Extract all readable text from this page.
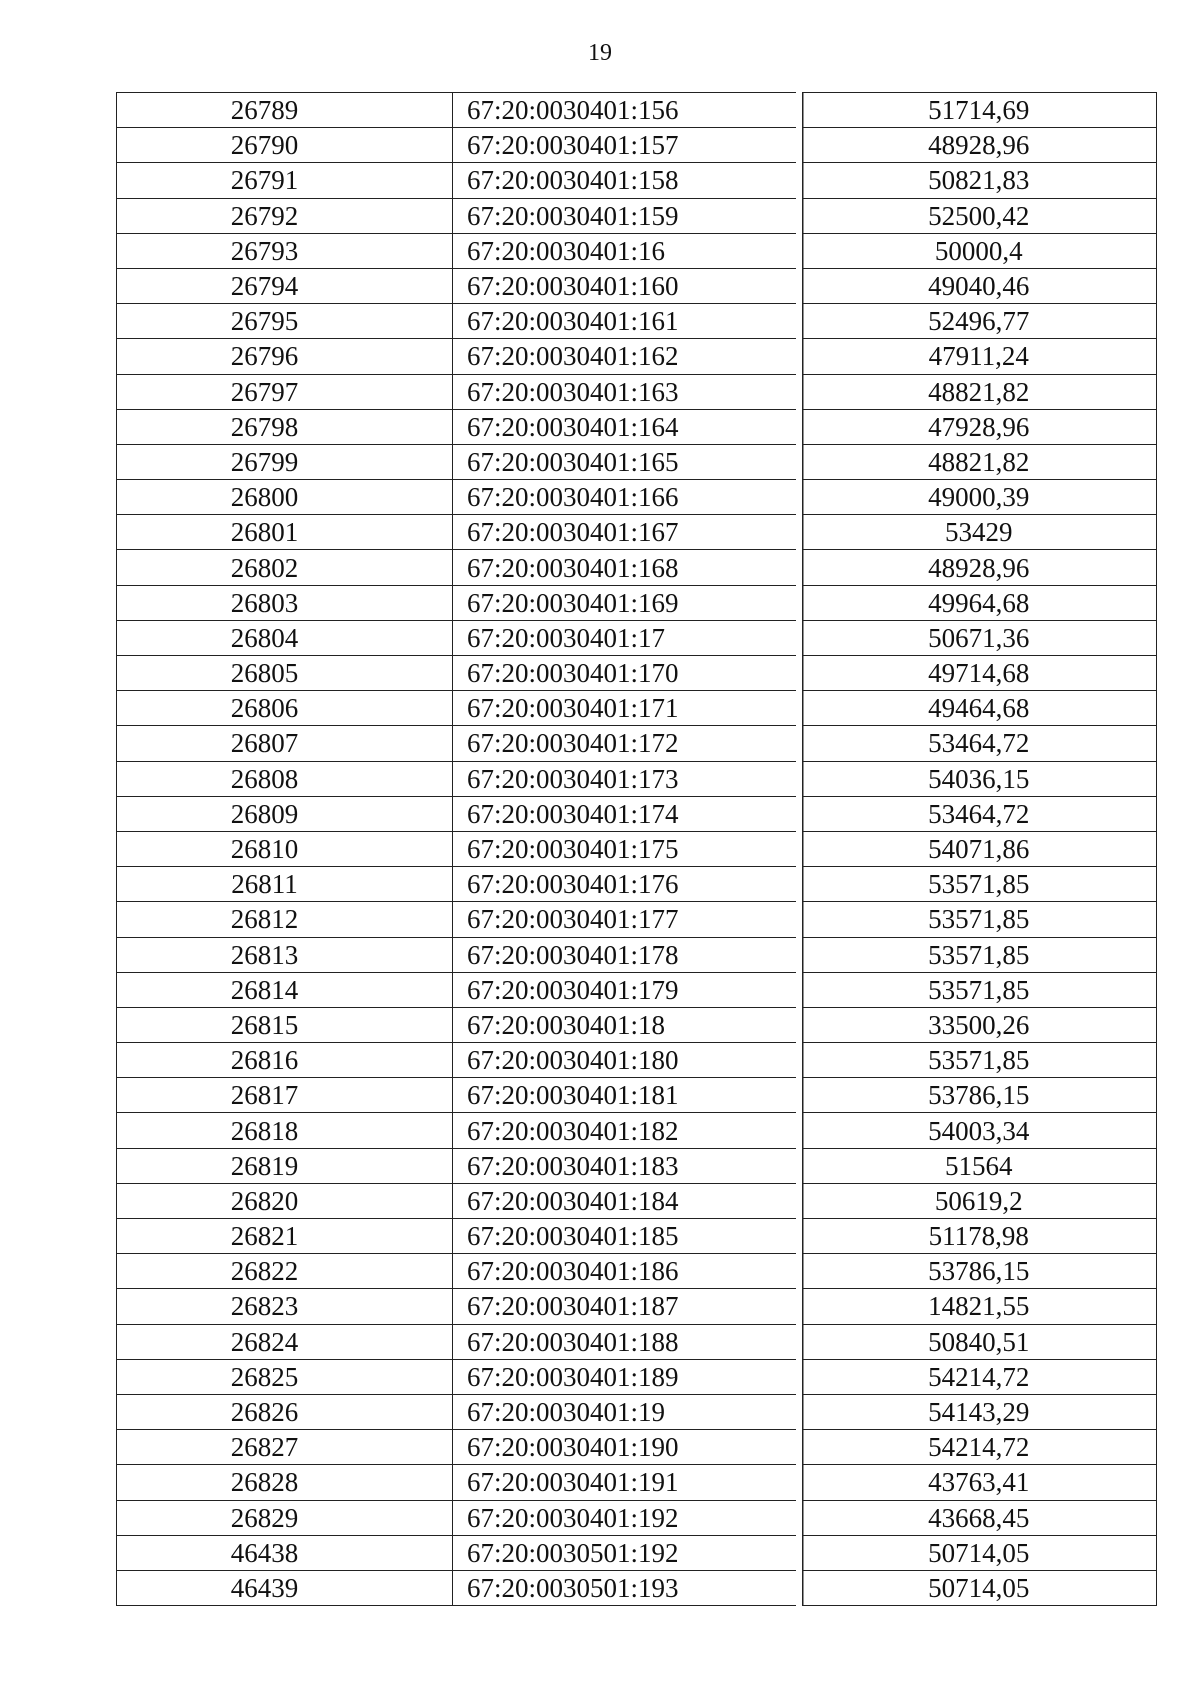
19
26789	67:20:0030401:156	51714,69
26790	67:20:0030401:157	48928,96
26791	67:20:0030401:158	50821,83
26792	67:20:0030401:159	52500,42
26793	67:20:0030401:16	50000,4
26794	67:20:0030401:160	49040,46
26795	67:20:0030401:161	52496,77
26796	67:20:0030401:162	47911,24
26797	67:20:0030401:163	48821,82
26798	67:20:0030401:164	47928,96
26799	67:20:0030401:165	48821,82
26800	67:20:0030401:166	49000,39
26801	67:20:0030401:167	53429
26802	67:20:0030401:168	48928,96
26803	67:20:0030401:169	49964,68
26804	67:20:0030401:17	50671,36
26805	67:20:0030401:170	49714,68
26806	67:20:0030401:171	49464,68
26807	67:20:0030401:172	53464,72
26808	67:20:0030401:173	54036,15
26809	67:20:0030401:174	53464,72
26810	67:20:0030401:175	54071,86
26811	67:20:0030401:176	53571,85
26812	67:20:0030401:177	53571,85
26813	67:20:0030401:178	53571,85
26814	67:20:0030401:179	53571,85
26815	67:20:0030401:18	33500,26
26816	67:20:0030401:180	53571,85
26817	67:20:0030401:181	53786,15
26818	67:20:0030401:182	54003,34
26819	67:20:0030401:183	51564
26820	67:20:0030401:184	50619,2
26821	67:20:0030401:185	51178,98
26822	67:20:0030401:186	53786,15
26823	67:20:0030401:187	14821,55
26824	67:20:0030401:188	50840,51
26825	67:20:0030401:189	54214,72
26826	67:20:0030401:19	54143,29
26827	67:20:0030401:190	54214,72
26828	67:20:0030401:191	43763,41
26829	67:20:0030401:192	43668,45
46438	67:20:0030501:192	50714,05
46439	67:20:0030501:193	50714,05
